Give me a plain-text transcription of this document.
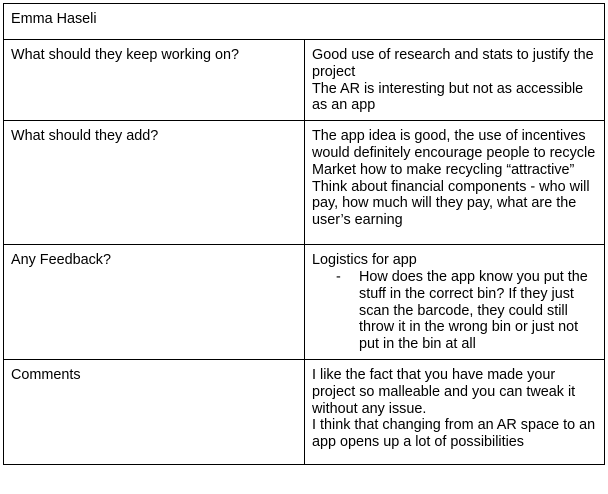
Emma Haseli	
What should they keep working on?	Good use of research and stats to justify the project
The AR is interesting but not as accessible as an app

What should they add?	The app idea is good, the use of incentives would definitely encourage people to recycle
Market how to make recycling “attractive”
Think about financial components - who will pay, how much will they pay, what are the user’s earning

Any Feedback?	Logistics for app
- How does the app know you put the stuff in the correct bin? If they just scan the barcode, they could still throw it in the wrong bin or just not put in the bin at all

Comments	I like the fact that you have made your project so malleable and you can tweak it without any issue.
I think that changing from an AR space to an app opens up a lot of possibilities
